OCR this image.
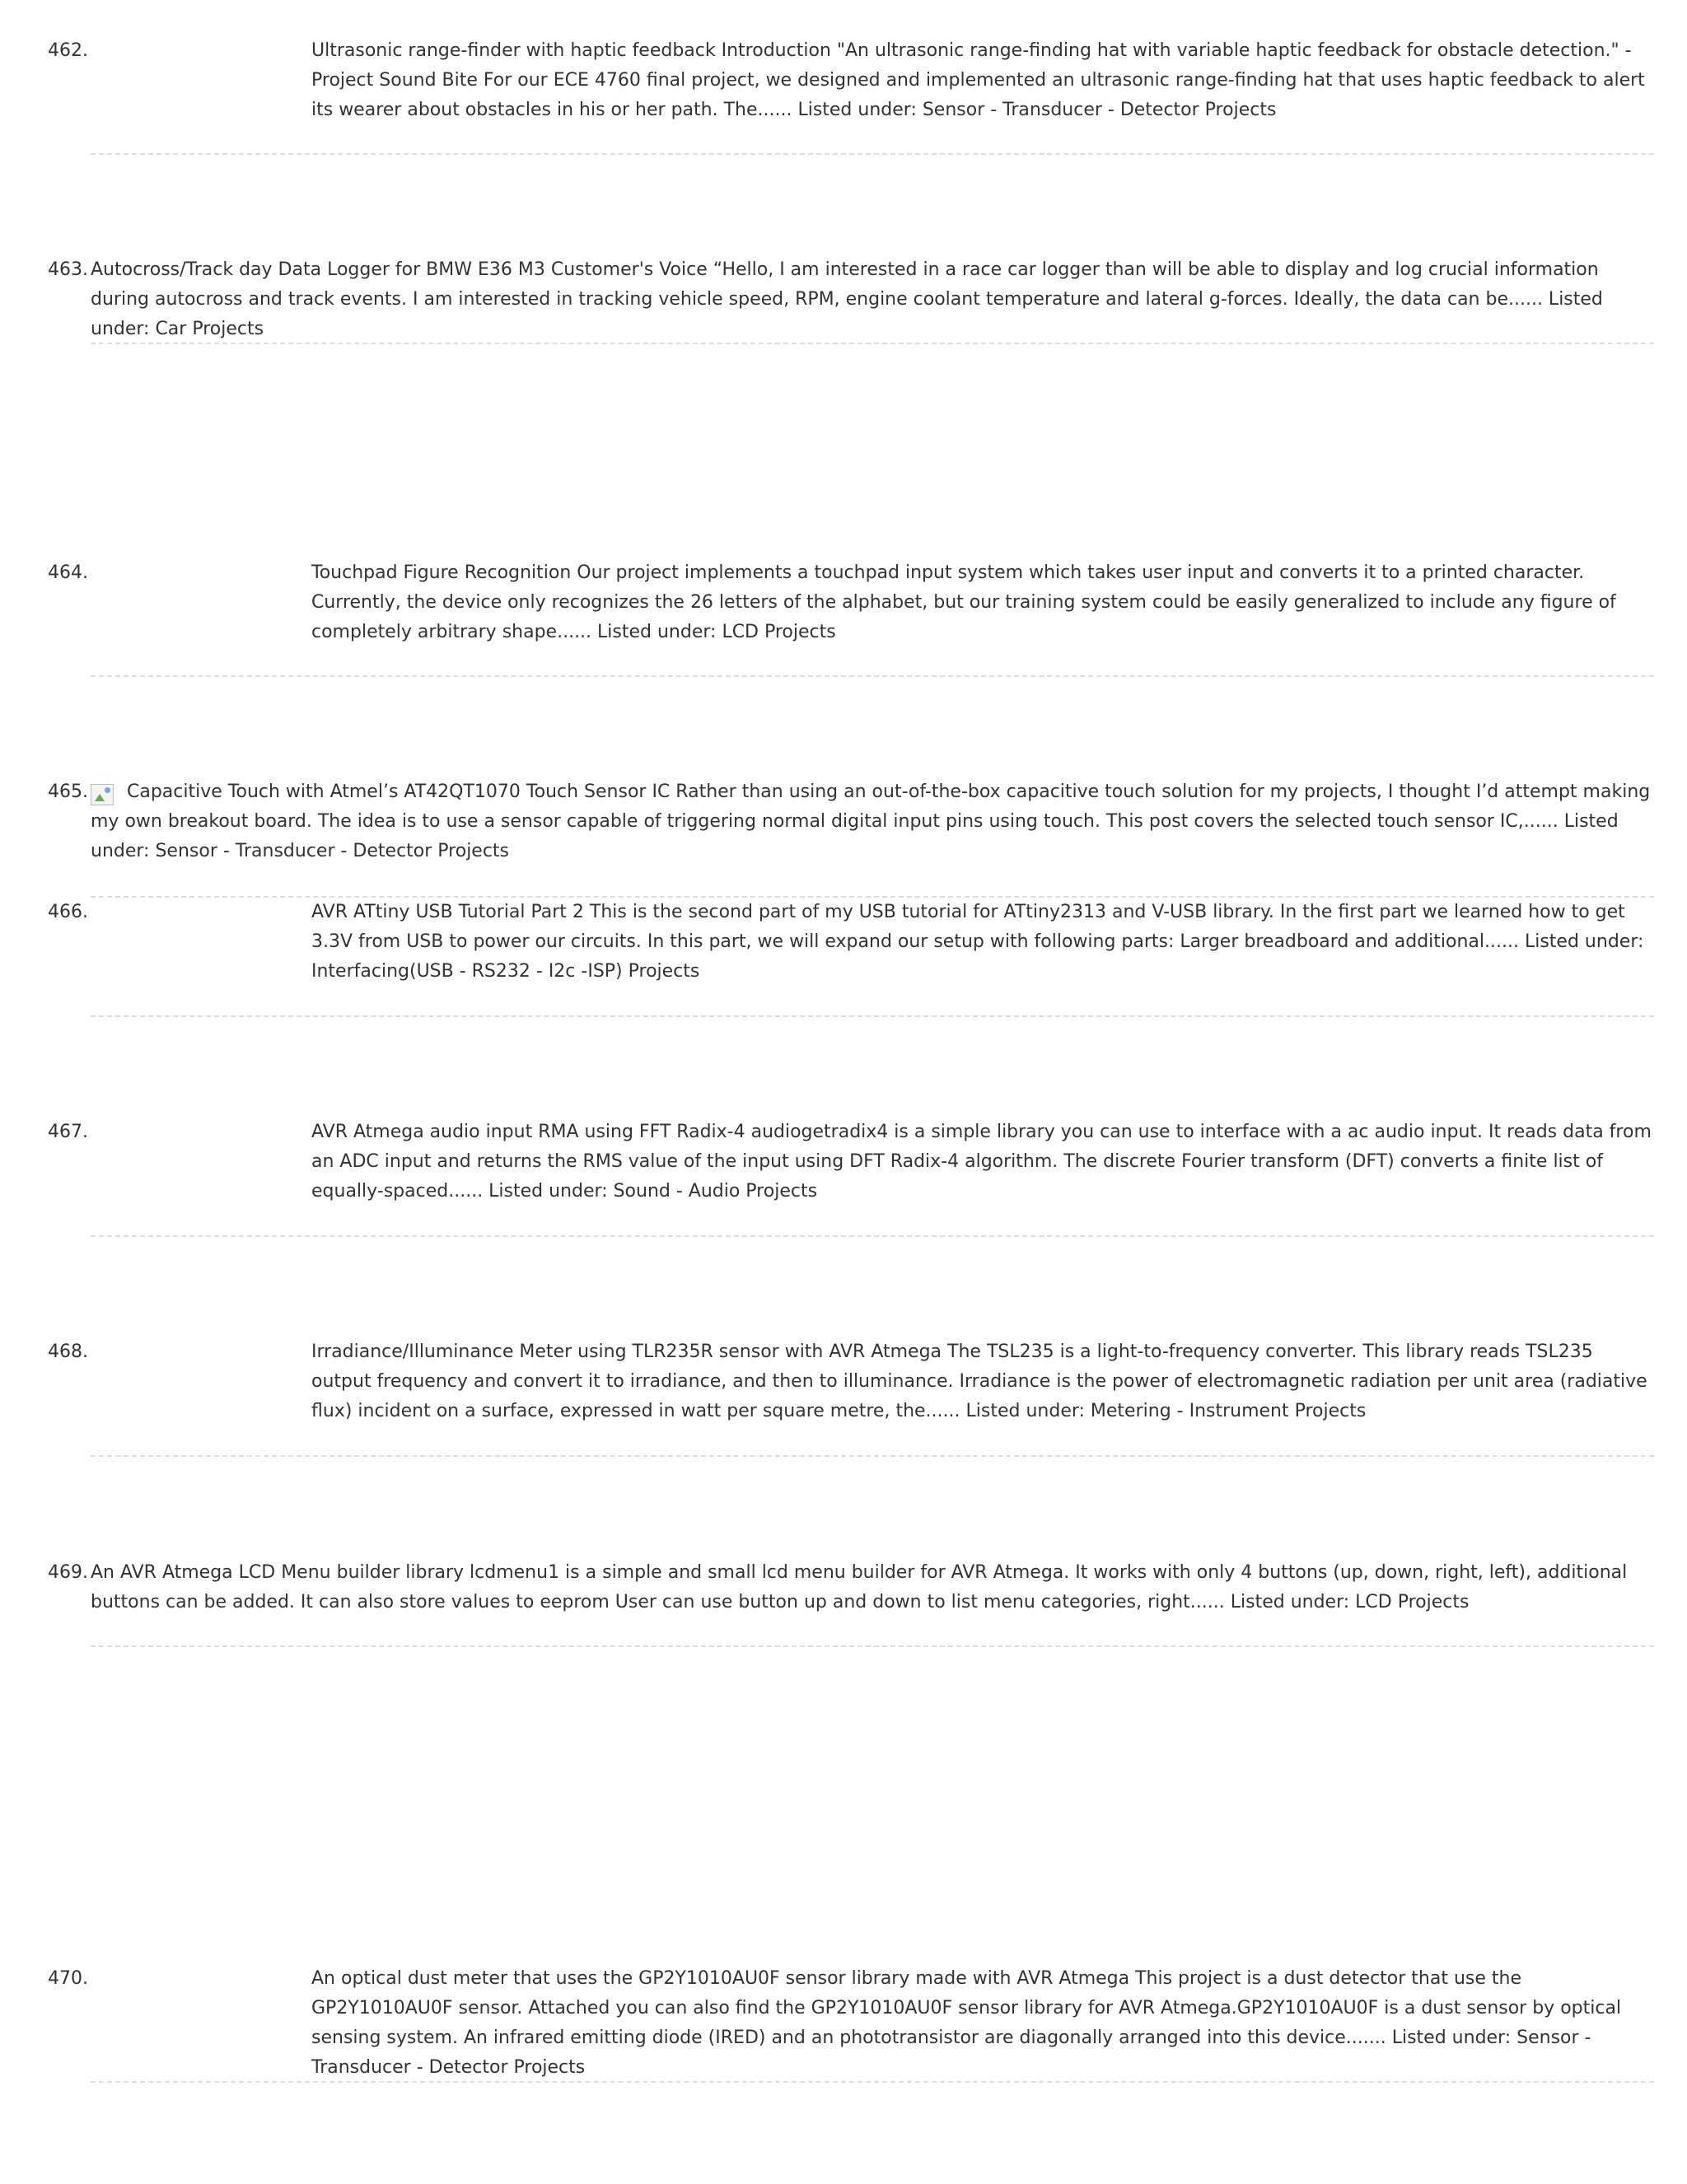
462.	Ultrasonic range-finder with haptic feedback Introduction "An ultrasonic range-finding hat with variable haptic feedback for obstacle detection." -Project Sound Bite For our ECE 4760 final project, we designed and implemented an ultrasonic range-finding hat that uses haptic feedback to alert its wearer about obstacles in his or her path. The...... Listed under: Sensor - Transducer - Detector Projects
463. Autocross/Track day Data Logger for BMW E36 M3 Customer's Voice “Hello, I am interested in a race car logger than will be able to display and log crucial information during autocross and track events. I am interested in tracking vehicle speed, RPM, engine coolant temperature and lateral g-forces. Ideally, the data can be...... Listed under: Car Projects
464.	Touchpad Figure Recognition Our project implements a touchpad input system which takes user input and converts it to a printed character. Currently, the device only recognizes the 26 letters of the alphabet, but our training system could be easily generalized to include any figure of completely arbitrary shape...... Listed under: LCD Projects
465.	Capacitive Touch with Atmel’s AT42QT1070 Touch Sensor IC Rather than using an out-of-the-box capacitive touch solution for my projects, I thought I’d attempt making my own breakout board. The idea is to use a sensor capable of triggering normal digital input pins using touch. This post covers the selected touch sensor IC,...... Listed under: Sensor - Transducer - Detector Projects
466.	AVR ATtiny USB Tutorial Part 2 This is the second part of my USB tutorial for ATtiny2313 and V-USB library. In the first part we learned how to get 3.3V from USB to power our circuits. In this part, we will expand our setup with following parts: Larger breadboard and additional...... Listed under: Interfacing(USB - RS232 - I2c -ISP) Projects
467.	AVR Atmega audio input RMA using FFT Radix-4 audiogetradix4 is a simple library you can use to interface with a ac audio input. It reads data from an ADC input and returns the RMS value of the input using DFT Radix-4 algorithm. The discrete Fourier transform (DFT) converts a finite list of equally-spaced...... Listed under: Sound - Audio Projects
468.	Irradiance/Illuminance Meter using TLR235R sensor with AVR Atmega The TSL235 is a light-to-frequency converter. This library reads TSL235 output frequency and convert it to irradiance, and then to illuminance. Irradiance is the power of electromagnetic radiation per unit area (radiative flux) incident on a surface, expressed in watt per square metre, the...... Listed under: Metering - Instrument Projects
469. An AVR Atmega LCD Menu builder library lcdmenu1 is a simple and small lcd menu builder for AVR Atmega. It works with only 4 buttons (up, down, right, left), additional buttons can be added. It can also store values to eeprom User can use button up and down to list menu categories, right...... Listed under: LCD Projects
470.	An optical dust meter that uses the GP2Y1010AU0F sensor library made with AVR Atmega This project is a dust detector that use the GP2Y1010AU0F sensor. Attached you can also find the GP2Y1010AU0F sensor library for AVR Atmega.GP2Y1010AU0F is a dust sensor by optical sensing system. An infrared emitting diode (IRED) and an phototransistor are diagonally arranged into this device....... Listed under: Sensor - Transducer - Detector Projects
